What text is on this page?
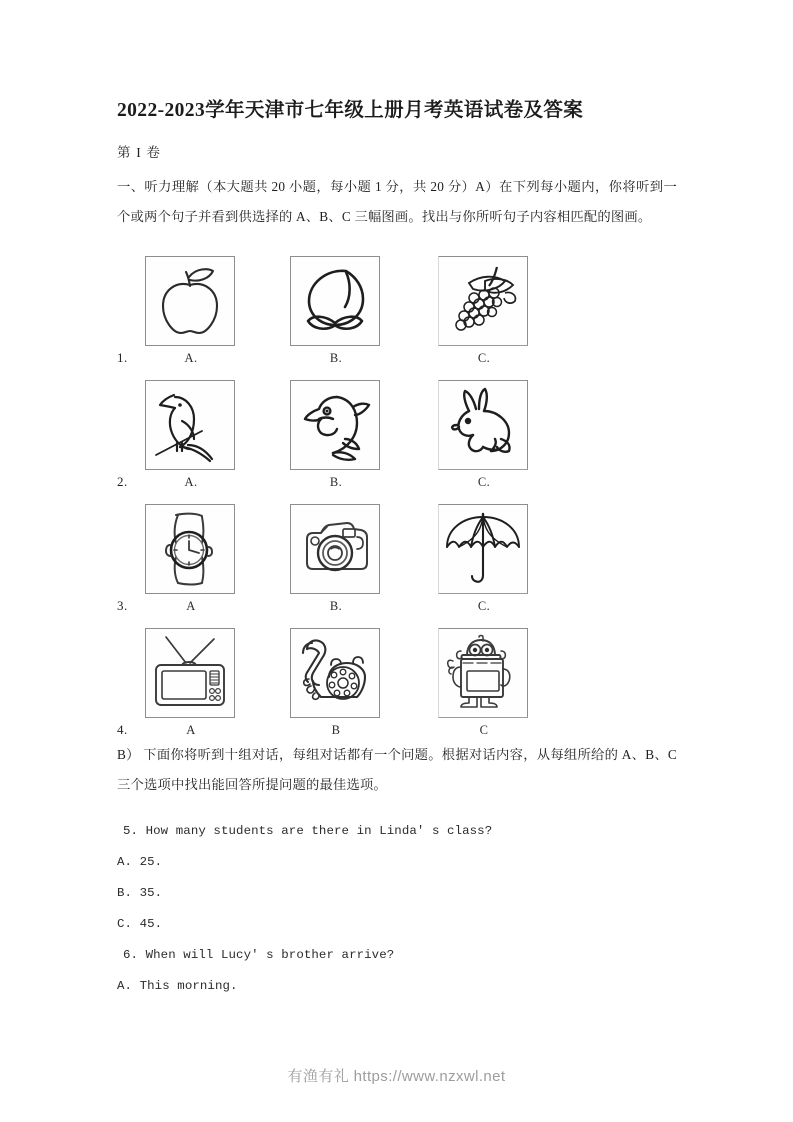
2022-2023学年天津市七年级上册月考英语试卷及答案
第 I 卷

一、听力理解（本大题共 20 小题，每小题 1 分，共 20 分）A）在下列每小题内，你将听到一个或两个句子并看到供选择的 A、B、C 三幅图画。找出与你所听句子内容相匹配的图画。

1.	A.	B.	C.
2.	A.	B.	C.
3.	A	B.	C.
4.	A	B	C

B） 下面你将听到十组对话，每组对话都有一个问题。根据对话内容，从每组所给的 A、B、C 三个选项中找出能回答所提问题的最佳选项。

5. How many students are there in Linda' s class?

A. 25.

B. 35.

C. 45.

6. When will Lucy' s brother arrive?

A. This morning.

有渔有礼 https://www.nzxwl.net
